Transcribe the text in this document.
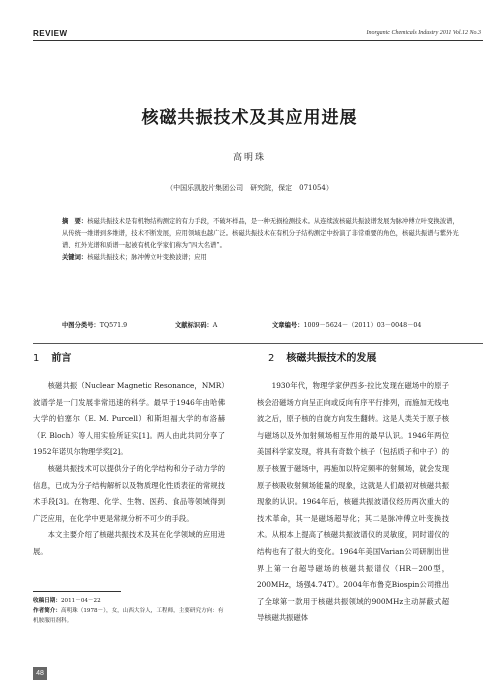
REVIEW	Inorganic Chemicals Industry 2011 Vol.12 No.3
核磁共振技术及其应用进展
高明珠
（中国乐凯胶片集团公司　研究院，保定　071054）

摘　要：核磁共振技术是有机物结构测定的有力手段，不破坏样品，是一种无损检测技术。从连续波核磁共振波谱发展为脉冲傅立叶变换波谱，从传统一维谱到多维谱，技术不断发展，应用领域也越广泛。核磁共振技术在有机分子结构测定中扮演了非常重要的角色，核磁共振谱与紫外光谱、红外光谱和质谱一起被有机化学家们称为“四大名谱”。

关键词：核磁共振技术；脉冲傅立叶变换波谱；应用

中图分类号：TQ571.9	文献标识码：A	文章编号：1009－5624－（2011）03－0048－04
1 前言	2 核磁共振技术的发展

核磁共振（Nuclear Magnetic Resonance，NMR）波谱学是一门发展非常迅速的科学。最早于1946年由哈佛大学的伯塞尔（E. M. Purcell）和斯坦福大学的布洛赫（F. Bloch）等人用实验所证实[1]。两人由此共同分享了1952年诺贝尔物理学奖[2]。

核磁共振技术可以提供分子的化学结构和分子动力学的信息，已成为分子结构解析以及物质理化性质表征的常规技术手段[3]。在物理、化学、生物、医药、食品等领域得到广泛应用，在化学中更是常规分析不可少的手段。

本文主要介绍了核磁共振技术及其在化学领域的应用进展。

1930年代，物理学家伊西多·拉比发现在磁场中的原子核会沿磁场方向呈正向或反向有序平行排列，而施加无线电波之后，原子核的自旋方向发生翻转。这是人类关于原子核与磁场以及外加射频场相互作用的最早认识。1946年两位美国科学家发现，将具有奇数个核子（包括质子和中子）的原子核置于磁场中，再施加以特定频率的射频场，就会发现原子核吸收射频场能量的现象，这就是人们最初对核磁共振现象的认识。1964年后，核磁共振波谱仪经历两次重大的技术革命，其一是磁场超导化；其二是脉冲傅立叶变换技术。从根本上提高了核磁共振波谱仪的灵敏度，同时谱仪的结构也有了很大的变化。1964年美国Varian公司研制出世界上第一台超导磁场的核磁共振谱仪（HR－200型，200MHz，场强4.74T）。2004年布鲁克Biospin公司推出了全球第一款用于核磁共振领域的900MHz主动屏蔽式超导核磁共振磁体

收稿日期：2011－04－22

作者简介：高明珠（1978－），女，山西大谷人，工程师，主要研究方向：有机胺服用剂科。

48
